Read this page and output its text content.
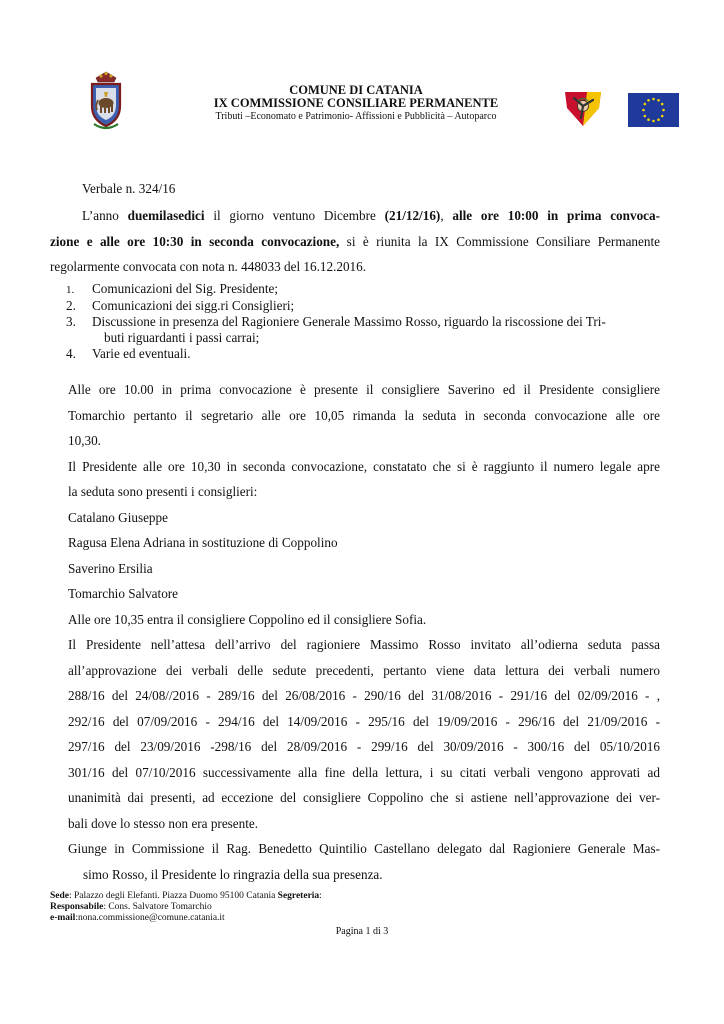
COMUNE DI CATANIA
IX COMMISSIONE CONSILIARE PERMANENTE
Tributi –Economato e Patrimonio- Affissioni e Pubblicità – Autoparco
Verbale n. 324/16
L’anno duemilasedici il giorno ventuno Dicembre (21/12/16), alle ore 10:00 in prima convoca-
zione e alle ore 10:30 in seconda convocazione, si è riunita la IX Commissione Consiliare Permanente
regolarmente convocata con nota n. 448033 del 16.12.2016.
1.	Comunicazioni del Sig. Presidente;
2.	Comunicazioni dei sigg.ri Consiglieri;
3.	Discussione in presenza del Ragioniere Generale Massimo Rosso, riguardo la riscossione dei Tri-
buti riguardanti i passi carrai;
4.	Varie ed eventuali.
Alle ore 10.00 in prima convocazione è presente il consigliere Saverino ed il Presidente consigliere
Tomarchio pertanto il segretario alle ore 10,05 rimanda la seduta in seconda convocazione alle ore
10,30.
Il Presidente alle ore 10,30 in seconda convocazione, constatato che si è raggiunto il numero legale apre
la seduta sono presenti i consiglieri:
Catalano Giuseppe
Ragusa Elena Adriana in sostituzione di Coppolino
Saverino Ersilia
Tomarchio Salvatore
Alle ore 10,35 entra il consigliere Coppolino ed il consigliere Sofia.
Il Presidente nell’attesa dell’arrivo del ragioniere Massimo Rosso invitato all’odierna seduta passa
all’approvazione dei verbali delle sedute precedenti, pertanto viene data lettura dei verbali numero
288/16 del 24/08//2016 - 289/16 del 26/08/2016 - 290/16 del 31/08/2016 - 291/16 del 02/09/2016 - ,
292/16 del 07/09/2016 - 294/16 del 14/09/2016 - 295/16 del 19/09/2016 - 296/16 del 21/09/2016 -
297/16 del 23/09/2016 -298/16 del 28/09/2016 - 299/16 del 30/09/2016 - 300/16 del 05/10/2016
301/16 del 07/10/2016 successivamente alla fine della lettura, i su citati verbali vengono approvati ad
unanimità dai presenti, ad eccezione del consigliere Coppolino che si astiene nell’approvazione dei ver-
bali dove lo stesso non era presente.
Giunge in Commissione il Rag. Benedetto Quintilio Castellano delegato dal Ragioniere Generale Mas-
simo Rosso, il Presidente lo ringrazia della sua presenza.
Sede: Palazzo degli Elefanti. Piazza Duomo 95100 Catania Segreteria:
Responsabile: Cons. Salvatore Tomarchio
e-mail:nona.commissione@comune.catania.it
Pagina 1 di 3
